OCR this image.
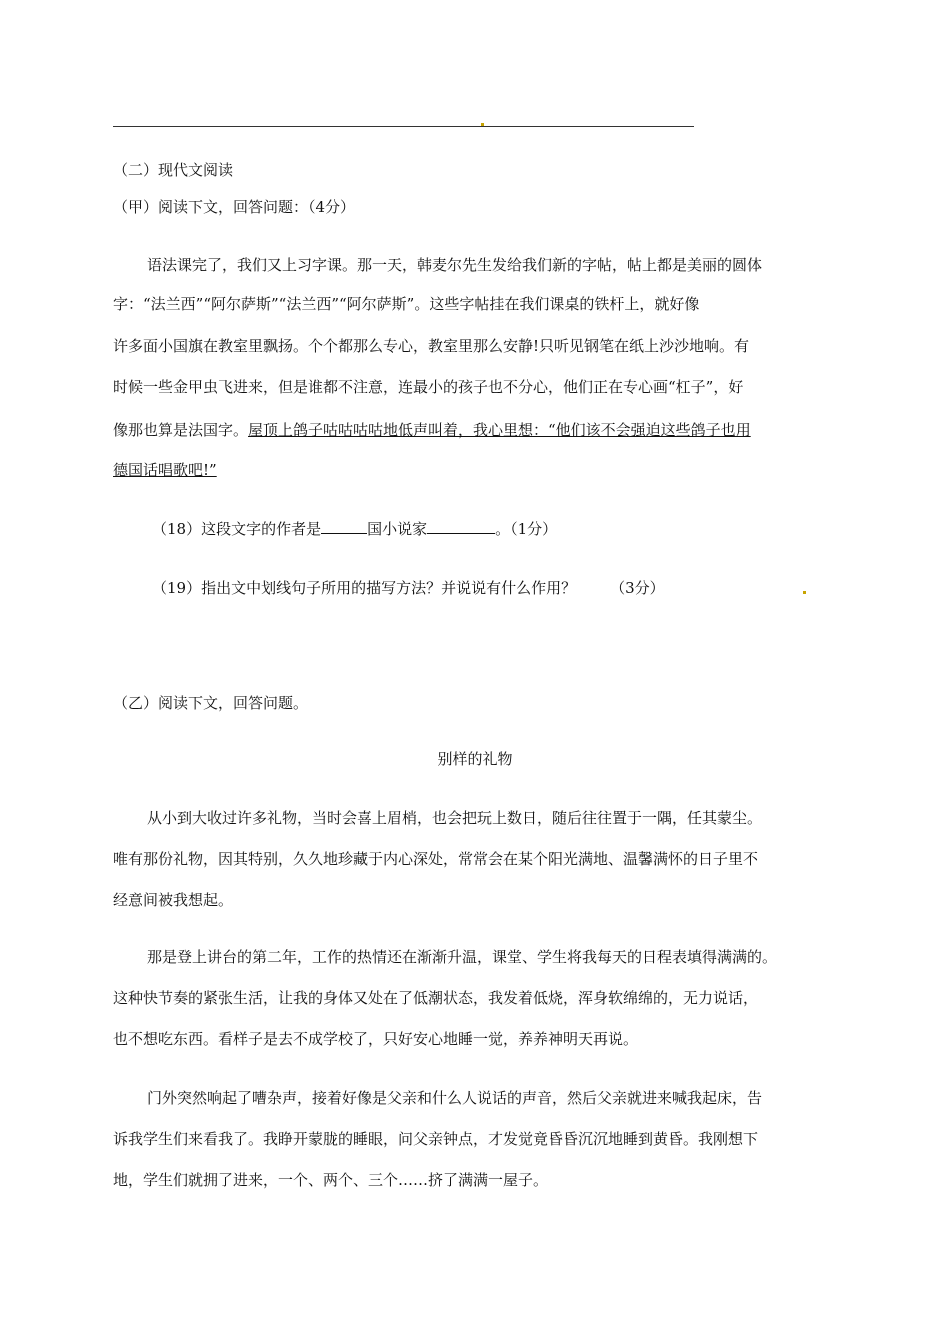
（二）现代文阅读
（甲）阅读下文，回答问题：（4分）
语法课完了，我们又上习字课。那一天，韩麦尔先生发给我们新的字帖，帖上都是美丽的圆体
字：“法兰西”“阿尔萨斯”“法兰西”“阿尔萨斯”。这些字帖挂在我们课桌的铁杆上，就好像
许多面小国旗在教室里飘扬。个个都那么专心，教室里那么安静!只听见钢笔在纸上沙沙地响。有
时候一些金甲虫飞进来，但是谁都不注意，连最小的孩子也不分心，他们正在专心画“杠子”，好
像那也算是法国字。屋顶上鸽子咕咕咕咕地低声叫着，我心里想：“他们该不会强迫这些鸽子也用
德国话唱歌吧!”
（18）这段文字的作者是	国小说家	。（1分）
（19）指出文中划线句子所用的描写方法？并说说有什么作用？ （3分）
（乙）阅读下文，回答问题。
别样的礼物
从小到大收过许多礼物，当时会喜上眉梢，也会把玩上数日，随后往往置于一隅，任其蒙尘。
唯有那份礼物，因其特别，久久地珍藏于内心深处，常常会在某个阳光满地、温馨满怀的日子里不
经意间被我想起。
那是登上讲台的第二年，工作的热情还在渐渐升温，课堂、学生将我每天的日程表填得满满的。
这种快节奏的紧张生活，让我的身体又处在了低潮状态，我发着低烧，浑身软绵绵的，无力说话，
也不想吃东西。看样子是去不成学校了，只好安心地睡一觉，养养神明天再说。
门外突然响起了嘈杂声，接着好像是父亲和什么人说话的声音，然后父亲就进来喊我起床，告
诉我学生们来看我了。我睁开蒙胧的睡眼，问父亲钟点，才发觉竟昏昏沉沉地睡到黄昏。我刚想下
地，学生们就拥了进来，一个、两个、三个……挤了满满一屋子。
